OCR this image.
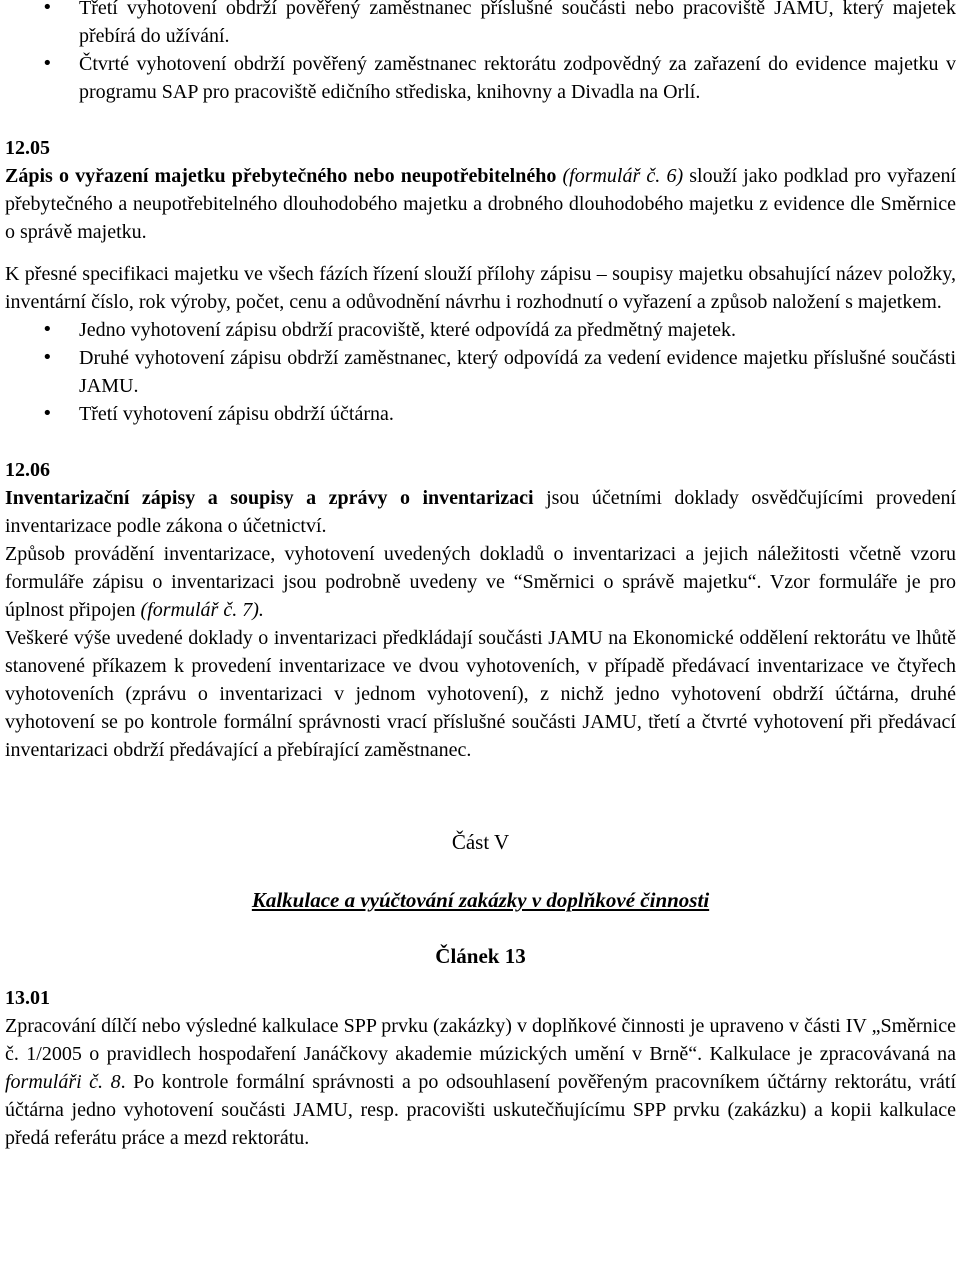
• Třetí vyhotovení obdrží pověřený zaměstnanec příslušné součásti nebo pracoviště JAMU, který majetek přebírá do užívání.
• Čtvrté vyhotovení obdrží pověřený zaměstnanec rektorátu zodpovědný za zařazení do evidence majetku v programu SAP pro pracoviště edičního střediska, knihovny a Divadla na Orlí.

12.05

Zápis o vyřazení majetku přebytečného nebo neupotřebitelného (formulář č. 6) slouží jako podklad pro vyřazení přebytečného a neupotřebitelného dlouhodobého majetku a drobného dlouhodobého majetku z evidence dle Směrnice o správě majetku.

K přesné specifikaci majetku ve všech fázích řízení slouží přílohy zápisu – soupisy majetku obsahující název položky, inventární číslo, rok výroby, počet, cenu a odůvodnění návrhu i rozhodnutí o vyřazení a způsob naložení s majetkem.

• Jedno vyhotovení zápisu obdrží pracoviště, které odpovídá za předmětný majetek.
• Druhé vyhotovení zápisu obdrží zaměstnanec, který odpovídá za vedení evidence majetku příslušné součásti JAMU.
• Třetí vyhotovení zápisu obdrží účtárna.

12.06

Inventarizační zápisy a soupisy a zprávy o inventarizaci jsou účetními doklady osvědčujícími provedení inventarizace podle zákona o účetnictví.

Způsob provádění inventarizace, vyhotovení uvedených dokladů o inventarizaci a jejich náležitosti včetně vzoru formuláře zápisu o inventarizaci jsou podrobně uvedeny ve “Směrnici o správě majetku“. Vzor formuláře je pro úplnost připojen (formulář č. 7).

Veškeré výše uvedené doklady o inventarizaci předkládají součásti JAMU na Ekonomické oddělení rektorátu ve lhůtě stanovené příkazem k provedení inventarizace ve dvou vyhotoveních, v případě předávací inventarizace ve čtyřech vyhotoveních (zprávu o inventarizaci v jednom vyhotovení), z nichž jedno vyhotovení obdrží účtárna, druhé vyhotovení se po kontrole formální správnosti vrací příslušné součásti JAMU, třetí a čtvrté vyhotovení při předávací inventarizaci obdrží předávající a přebírající zaměstnanec.

Část V

Kalkulace a vyúčtování zakázky v doplňkové činnosti

Článek 13

13.01

Zpracování dílčí nebo výsledné kalkulace SPP prvku (zakázky) v doplňkové činnosti je upraveno v části IV „Směrnice č. 1/2005 o pravidlech hospodaření Janáčkovy akademie múzických umění v Brně“. Kalkulace je zpracovávaná na formuláři č. 8. Po kontrole formální správnosti a po odsouhlasení pověřeným pracovníkem účtárny rektorátu, vrátí účtárna jedno vyhotovení součásti JAMU, resp. pracovišti uskutečňujícímu SPP prvku (zakázku) a kopii kalkulace předá referátu práce a mezd rektorátu.
